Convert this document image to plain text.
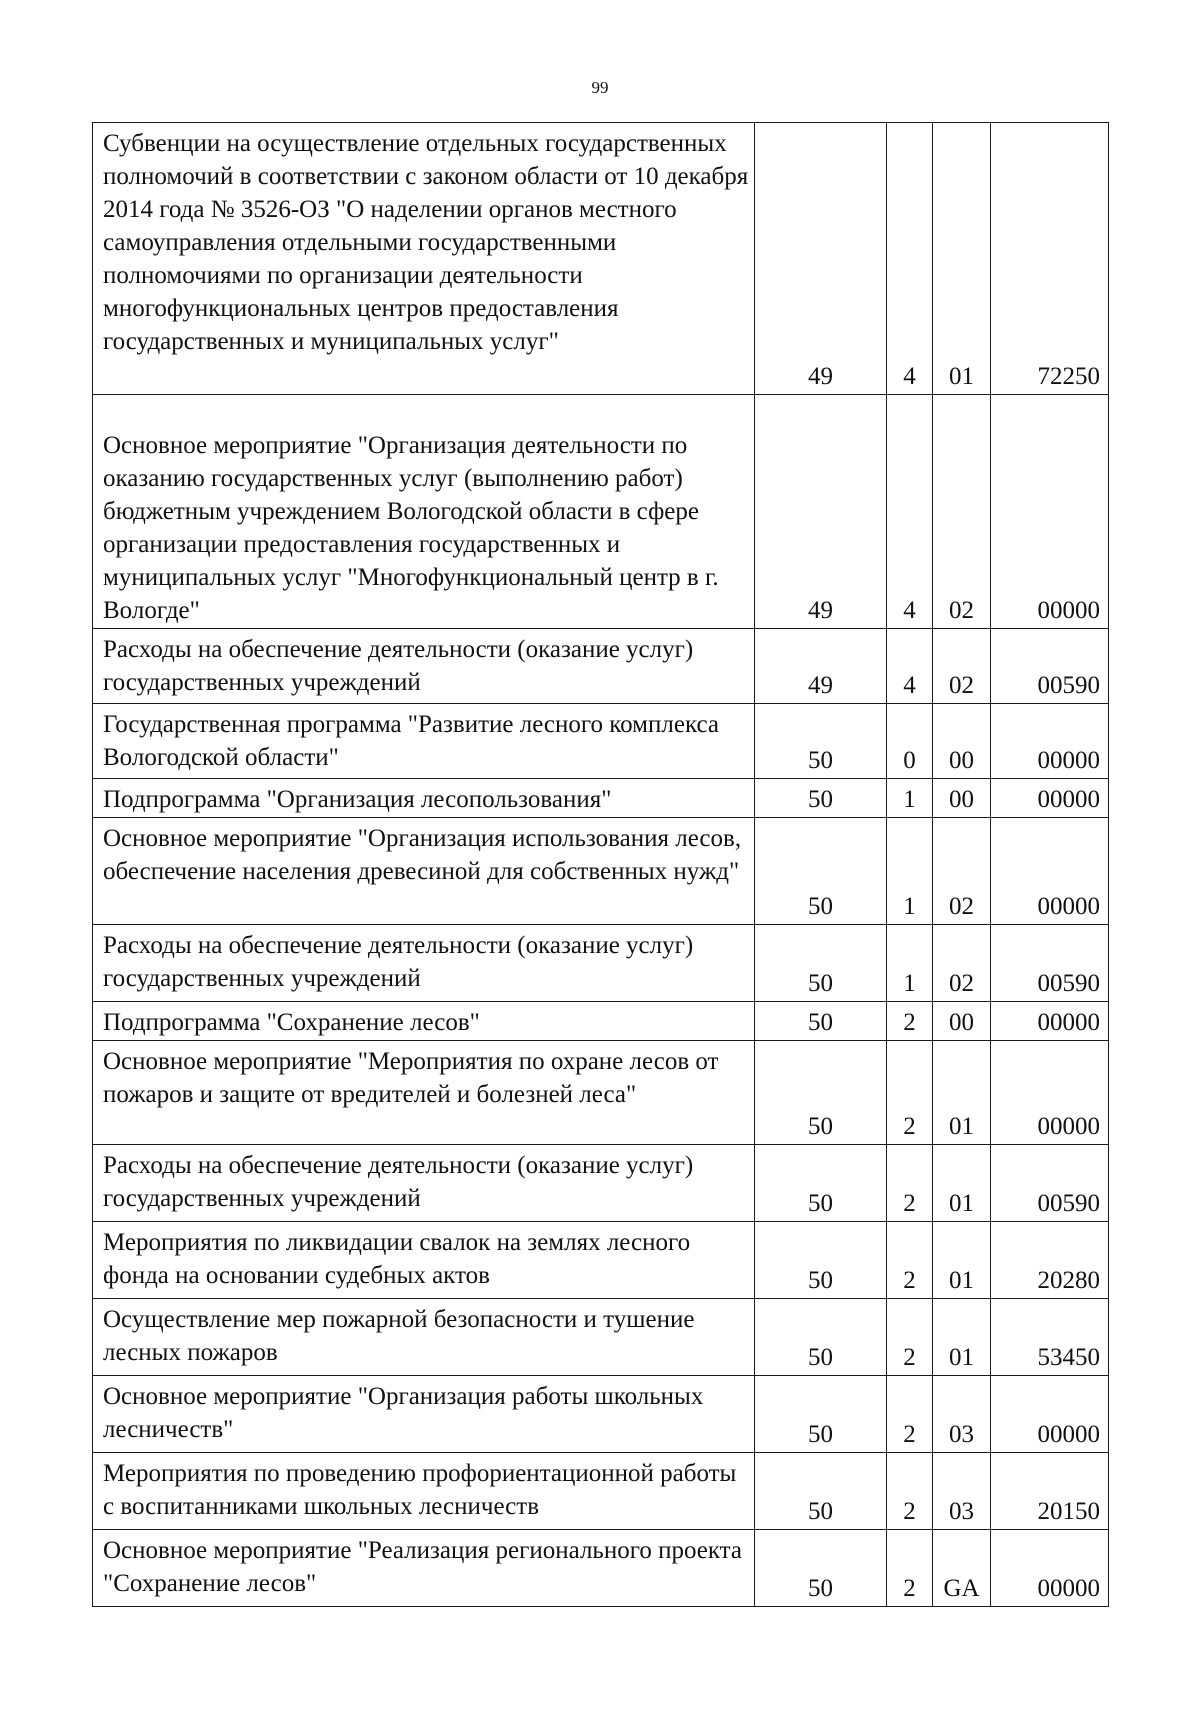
99
Субвенции на осуществление отдельных государственных полномочий в соответствии с законом области от 10 декабря 2014 года № 3526-ОЗ "О наделении органов местного самоуправления отдельными государственными полномочиями по организации деятельности многофункциональных центров предоставления государственных и муниципальных услуг"	49	4	01	72250
Основное мероприятие "Организация деятельности по оказанию государственных услуг (выполнению работ) бюджетным учреждением Вологодской области в сфере организации предоставления государственных и муниципальных услуг "Многофункциональный центр в г. Вологде"	49	4	02	00000
Расходы на обеспечение деятельности (оказание услуг) государственных учреждений	49	4	02	00590
Государственная программа "Развитие лесного комплекса Вологодской области"	50	0	00	00000
Подпрограмма "Организация лесопользования"	50	1	00	00000
Основное мероприятие "Организация использования лесов, обеспечение населения древесиной для собственных нужд"	50	1	02	00000
Расходы на обеспечение деятельности (оказание услуг) государственных учреждений	50	1	02	00590
Подпрограмма "Сохранение лесов"	50	2	00	00000
Основное мероприятие "Мероприятия по охране лесов от пожаров и защите от вредителей и болезней леса"	50	2	01	00000
Расходы на обеспечение деятельности (оказание услуг) государственных учреждений	50	2	01	00590
Мероприятия по ликвидации свалок на землях лесного фонда на основании судебных актов	50	2	01	20280
Осуществление мер пожарной безопасности и тушение лесных пожаров	50	2	01	53450
Основное мероприятие "Организация работы школьных лесничеств"	50	2	03	00000
Мероприятия по проведению профориентационной работы с воспитанниками школьных лесничеств	50	2	03	20150
Основное мероприятие "Реализация регионального проекта "Сохранение лесов"	50	2	GA	00000
